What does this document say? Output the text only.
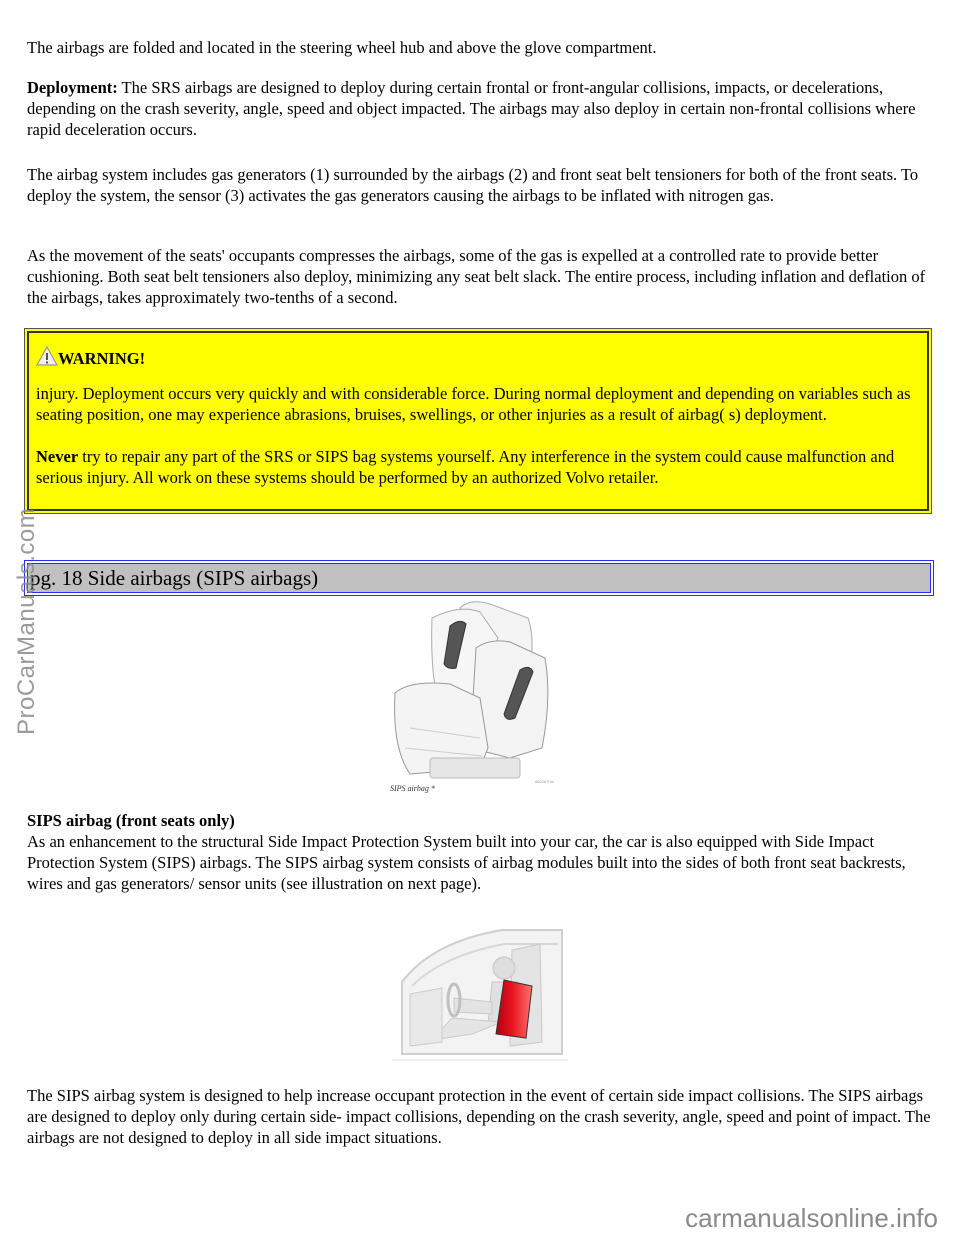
The airbags are folded and located in the steering wheel hub and above the glove compartment.

Deployment: The SRS airbags are designed to deploy during certain frontal or front-angular collisions, impacts, or decelerations, depending on the crash severity, angle, speed and object impacted. The airbags may also deploy in certain non-frontal collisions where rapid deceleration occurs.

The airbag system includes gas generators (1) surrounded by the airbags (2) and front seat belt tensioners for both of the front seats. To deploy the system, the sensor (3) activates the gas generators causing the airbags to be inflated with nitrogen gas.

As the movement of the seats' occupants compresses the airbags, some of the gas is expelled at a controlled rate to provide better cushioning. Both seat belt tensioners also deploy, minimizing any seat belt slack. The entire process, including inflation and deflation of the airbags, takes approximately two-tenths of a second.

SIPS airbag (front seats only)

As an enhancement to the structural Side Impact Protection System built into your car, the car is also equipped with Side Impact Protection System (SIPS) airbags. The SIPS airbag system consists of airbag modules built into the sides of both front seat backrests, wires and gas generators/ sensor units (see illustration on next page).

The SIPS airbag system is designed to help increase occupant protection in the event of certain side impact collisions. The SIPS airbags are designed to deploy only during certain side- impact collisions, depending on the crash severity, angle, speed and point of impact. The airbags are not designed to deploy in all side impact situations.

WARNING!

injury. Deployment occurs very quickly and with considerable force. During normal deployment and depending on variables such as seating position, one may experience abrasions, bruises, swellings, or other injuries as a result of airbag( s) deployment.

Never try to repair any part of the SRS or SIPS bag systems yourself. Any interference in the system could cause malfunction and serious injury. All work on these systems should be performed by an authorized Volvo retailer.

pg. 18 Side airbags (SIPS airbags)
8802670m
SIPS airbag *
ProCarManuals.com
carmanualsonline.info
